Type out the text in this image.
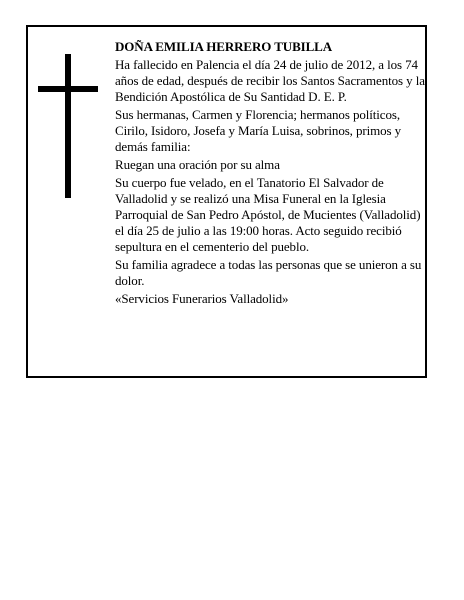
DOÑA EMILIA HERRERO TUBILLA

Ha fallecido en Palencia el día 24 de julio de 2012, a los 74 años de edad, después de recibir los Santos Sacramentos y la Bendición Apostólica de Su Santidad D. E. P.

Sus hermanas, Carmen y Florencia; hermanos políticos, Cirilo, Isidoro, Josefa y María Luisa, sobrinos, primos y demás familia:

Ruegan una oración por su alma

Su cuerpo fue velado, en el Tanatorio El Salvador de Valladolid y se realizó una Misa Funeral en la Iglesia Parroquial de San Pedro Apóstol, de Mucientes (Valladolid) el día 25 de julio a las 19:00 horas. Acto seguido recibió sepultura en el cementerio del pueblo.

Su familia agradece a todas las personas que se unieron a su dolor.

«Servicios Funerarios Valladolid»
